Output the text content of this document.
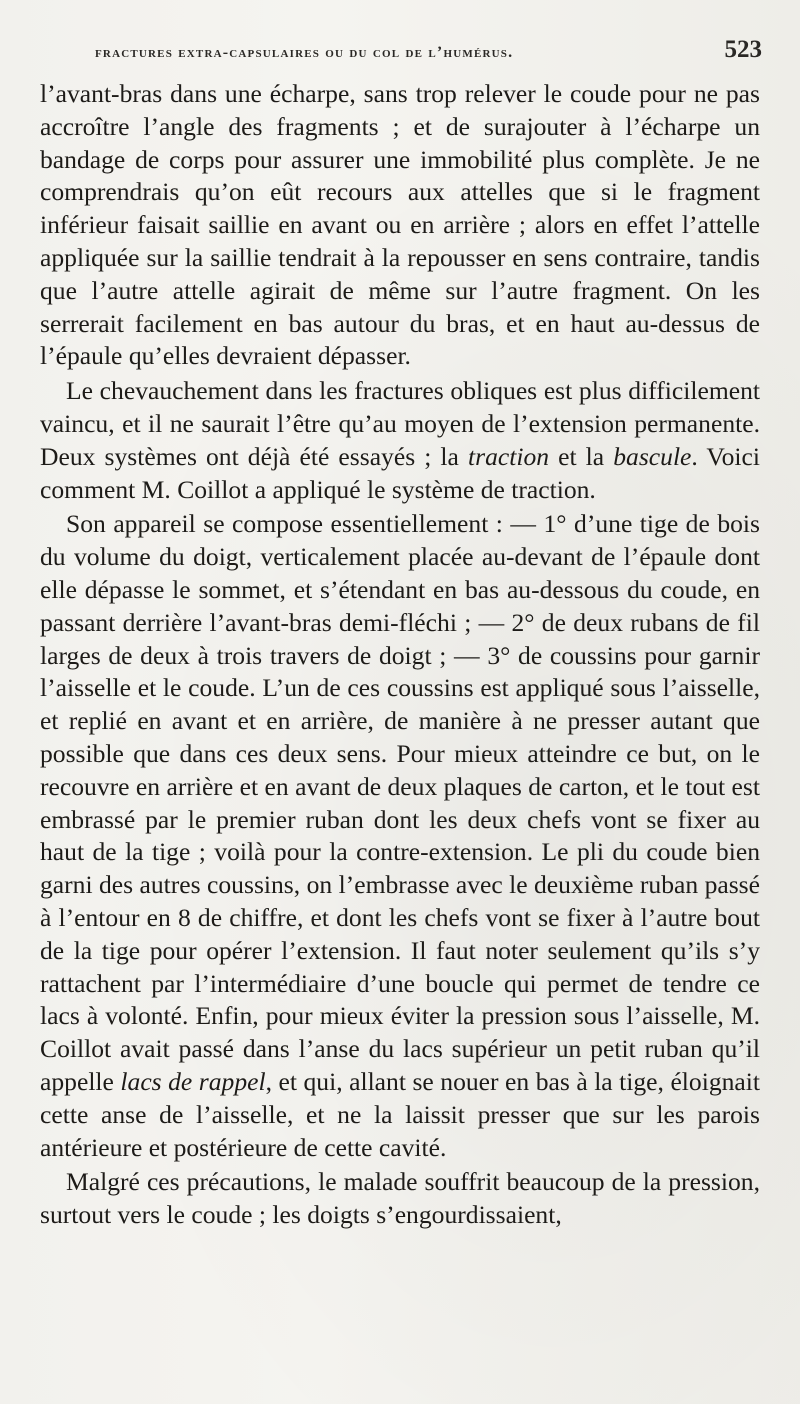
fractures extra-capsulaires ou du col de l’humérus.	523

l’avant-bras dans une écharpe, sans trop relever le coude pour ne pas accroître l’angle des fragments ; et de surajouter à l’écharpe un bandage de corps pour assurer une immobilité plus complète. Je ne comprendrais qu’on eût recours aux attelles que si le fragment inférieur faisait saillie en avant ou en arrière ; alors en effet l’attelle appliquée sur la saillie tendrait à la repousser en sens contraire, tandis que l’autre attelle agirait de même sur l’autre fragment. On les serrerait facilement en bas autour du bras, et en haut au-dessus de l’épaule qu’elles devraient dépasser.

Le chevauchement dans les fractures obliques est plus difficilement vaincu, et il ne saurait l’être qu’au moyen de l’extension permanente. Deux systèmes ont déjà été essayés ; la traction et la bascule. Voici comment M. Coillot a appliqué le système de traction.

Son appareil se compose essentiellement : — 1° d’une tige de bois du volume du doigt, verticalement placée au-devant de l’épaule dont elle dépasse le sommet, et s’étendant en bas au-dessous du coude, en passant derrière l’avant-bras demi-fléchi ; — 2° de deux rubans de fil larges de deux à trois travers de doigt ; — 3° de coussins pour garnir l’aisselle et le coude. L’un de ces coussins est appliqué sous l’aisselle, et replié en avant et en arrière, de manière à ne presser autant que possible que dans ces deux sens. Pour mieux atteindre ce but, on le recouvre en arrière et en avant de deux plaques de carton, et le tout est embrassé par le premier ruban dont les deux chefs vont se fixer au haut de la tige ; voilà pour la contre-extension. Le pli du coude bien garni des autres coussins, on l’embrasse avec le deuxième ruban passé à l’entour en 8 de chiffre, et dont les chefs vont se fixer à l’autre bout de la tige pour opérer l’extension. Il faut noter seulement qu’ils s’y rattachent par l’intermédiaire d’une boucle qui permet de tendre ce lacs à volonté. Enfin, pour mieux éviter la pression sous l’aisselle, M. Coillot avait passé dans l’anse du lacs supérieur un petit ruban qu’il appelle lacs de rappel, et qui, allant se nouer en bas à la tige, éloignait cette anse de l’aisselle, et ne la laissit presser que sur les parois antérieure et postérieure de cette cavité.

Malgré ces précautions, le malade souffrit beaucoup de la pression, surtout vers le coude ; les doigts s’engourdissaient,
